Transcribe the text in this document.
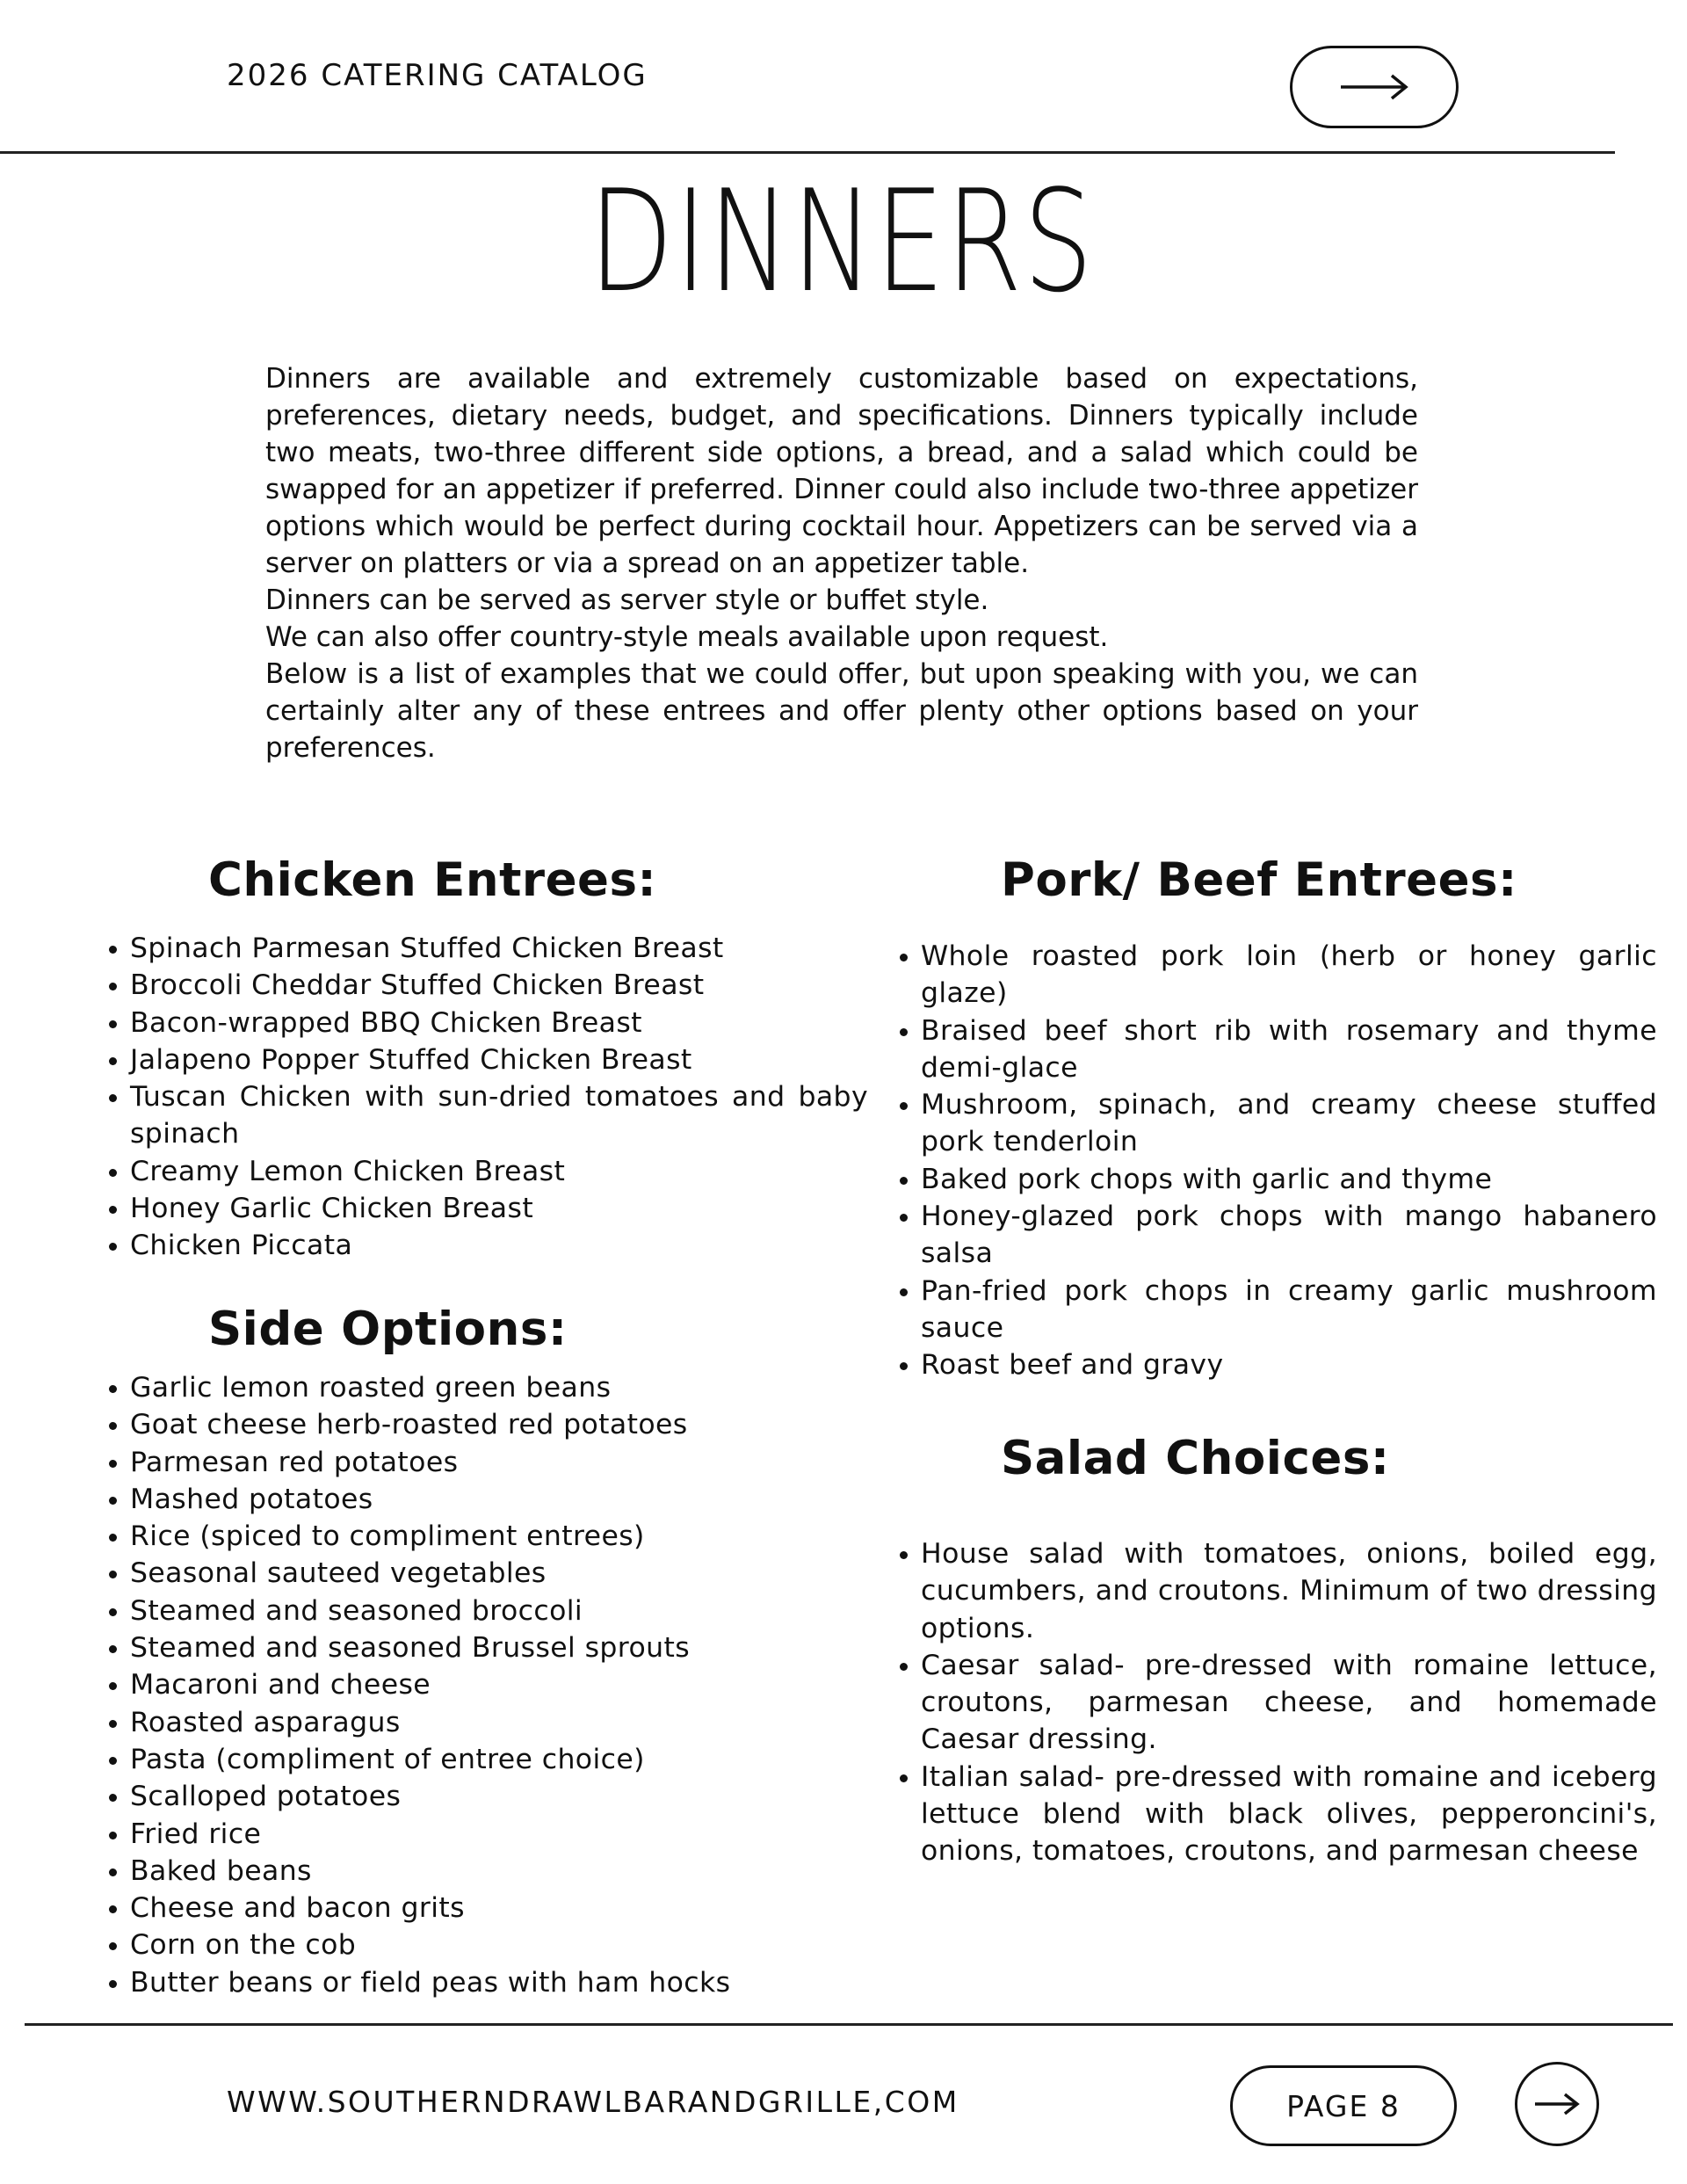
2026 CATERING CATALOG
DINNERS

Dinners are available and extremely customizable based on expectations, preferences, dietary needs, budget, and specifications. Dinners typically include two meats, two-three different side options, a bread, and a salad which could be swapped for an appetizer if preferred. Dinner could also include two-three appetizer options which would be perfect during cocktail hour. Appetizers can be served via a server on platters or via a spread on an appetizer table.

Dinners can be served as server style or buffet style.

We can also offer country-style meals available upon request.

Below is a list of examples that we could offer, but upon speaking with you, we can certainly alter any of these entrees and offer plenty other options based on your preferences.

Chicken Entrees:
• Spinach Parmesan Stuffed Chicken Breast
• Broccoli Cheddar Stuffed Chicken Breast
• Bacon-wrapped BBQ Chicken Breast
• Jalapeno Popper Stuffed Chicken Breast
• Tuscan Chicken with sun-dried tomatoes and baby spinach
• Creamy Lemon Chicken Breast
• Honey Garlic Chicken Breast
• Chicken Piccata
Side Options:
• Garlic lemon roasted green beans
• Goat cheese herb-roasted red potatoes
• Parmesan red potatoes
• Mashed potatoes
• Rice (spiced to compliment entrees)
• Seasonal sauteed vegetables
• Steamed and seasoned broccoli
• Steamed and seasoned Brussel sprouts
• Macaroni and cheese
• Roasted asparagus
• Pasta (compliment of entree choice)
• Scalloped potatoes
• Fried rice
• Baked beans
• Cheese and bacon grits
• Corn on the cob
• Butter beans or field peas with ham hocks
Pork/ Beef Entrees:
• Whole roasted pork loin (herb or honey garlic glaze)
• Braised beef short rib with rosemary and thyme demi-glace
• Mushroom, spinach, and creamy cheese stuffed pork tenderloin
• Baked pork chops with garlic and thyme
• Honey-glazed pork chops with mango habanero salsa
• Pan-fried pork chops in creamy garlic mushroom sauce
• Roast beef and gravy
Salad Choices:
• House salad with tomatoes, onions, boiled egg, cucumbers, and croutons. Minimum of two dressing options.
• Caesar salad- pre-dressed with romaine lettuce, croutons, parmesan cheese, and homemade Caesar dressing.
• Italian salad- pre-dressed with romaine and iceberg lettuce blend with black olives, pepperoncini's, onions, tomatoes, croutons, and parmesan cheese
WWW.SOUTHERNDRAWLBARANDGRILLE,COM	PAGE 8
